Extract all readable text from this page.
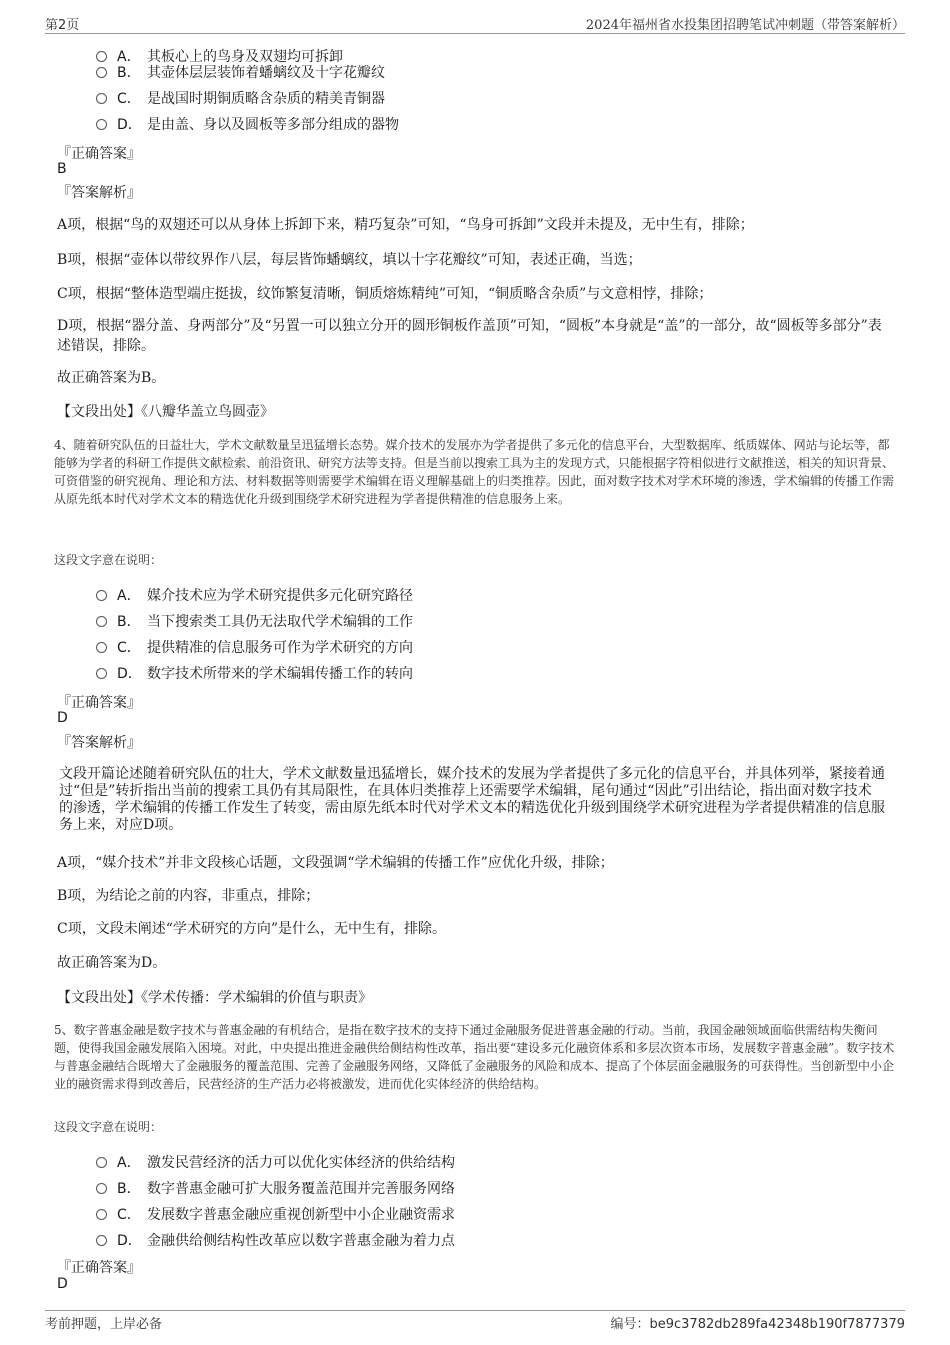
第2页	2024年福州省水投集团招聘笔试冲刺题（带答案解析）
A． 其板心上的鸟身及双翅均可拆卸
B． 其壶体层层装饰着蟠螭纹及十字花瓣纹
C． 是战国时期铜质略含杂质的精美青铜器
D． 是由盖、身以及圆板等多部分组成的器物
『正确答案』
B
『答案解析』
A项，根据“鸟的双翅还可以从身体上拆卸下来，精巧复杂”可知，“鸟身可拆卸”文段并未提及，无中生有，排除；
B项，根据“壶体以带纹界作八层，每层皆饰蟠螭纹，填以十字花瓣纹”可知，表述正确，当选；
C项，根据“整体造型端庄挺拔，纹饰繁复清晰，铜质熔炼精纯”可知，“铜质略含杂质”与文意相悖，排除；
D项，根据“器分盖、身两部分”及“另置一可以独立分开的圆形铜板作盖顶”可知，“圆板”本身就是“盖”的一部分，故“圆板等多部分”表述错误，排除。
故正确答案为B。
【文段出处】《八瓣华盖立鸟圆壶》
4、随着研究队伍的日益壮大，学术文献数量呈迅猛增长态势。媒介技术的发展亦为学者提供了多元化的信息平台，大型数据库、纸质媒体、网站与论坛等，都能够为学者的科研工作提供文献检索、前沿资讯、研究方法等支持。但是当前以搜索工具为主的发现方式，只能根据字符相似进行文献推送，相关的知识背景、可资借鉴的研究视角、理论和方法、材料数据等则需要学术编辑在语义理解基础上的归类推荐。因此，面对数字技术对学术环境的渗透，学术编辑的传播工作需从原先纸本时代对学术文本的精选优化升级到围绕学术研究进程为学者提供精准的信息服务上来。
这段文字意在说明：
A． 媒介技术应为学术研究提供多元化研究路径
B． 当下搜索类工具仍无法取代学术编辑的工作
C． 提供精准的信息服务可作为学术研究的方向
D． 数字技术所带来的学术编辑传播工作的转向
『正确答案』
D
『答案解析』
文段开篇论述随着研究队伍的壮大，学术文献数量迅猛增长，媒介技术的发展为学者提供了多元化的信息平台，并具体列举，紧接着通过“但是”转折指出当前的搜索工具仍有其局限性，在具体归类推荐上还需要学术编辑，尾句通过“因此”引出结论，指出面对数字技术的渗透，学术编辑的传播工作发生了转变，需由原先纸本时代对学术文本的精选优化升级到围绕学术研究进程为学者提供精准的信息服务上来，对应D项。
A项，“媒介技术”并非文段核心话题，文段强调“学术编辑的传播工作”应优化升级，排除；
B项，为结论之前的内容，非重点，排除；
C项，文段未阐述“学术研究的方向”是什么，无中生有，排除。
故正确答案为D。
【文段出处】《学术传播：学术编辑的价值与职责》
5、数字普惠金融是数字技术与普惠金融的有机结合，是指在数字技术的支持下通过金融服务促进普惠金融的行动。当前，我国金融领域面临供需结构失衡问题，使得我国金融发展陷入困境。对此，中央提出推进金融供给侧结构性改革，指出要“建设多元化融资体系和多层次资本市场，发展数字普惠金融”。数字技术与普惠金融结合既增大了金融服务的覆盖范围、完善了金融服务网络，又降低了金融服务的风险和成本、提高了个体层面金融服务的可获得性。当创新型中小企业的融资需求得到改善后，民营经济的生产活力必将被激发，进而优化实体经济的供给结构。
这段文字意在说明：
A． 激发民营经济的活力可以优化实体经济的供给结构
B． 数字普惠金融可扩大服务覆盖范围并完善服务网络
C． 发展数字普惠金融应重视创新型中小企业融资需求
D． 金融供给侧结构性改革应以数字普惠金融为着力点
『正确答案』
D
考前押题，上岸必备	编号：be9c3782db289fa42348b190f7877379
